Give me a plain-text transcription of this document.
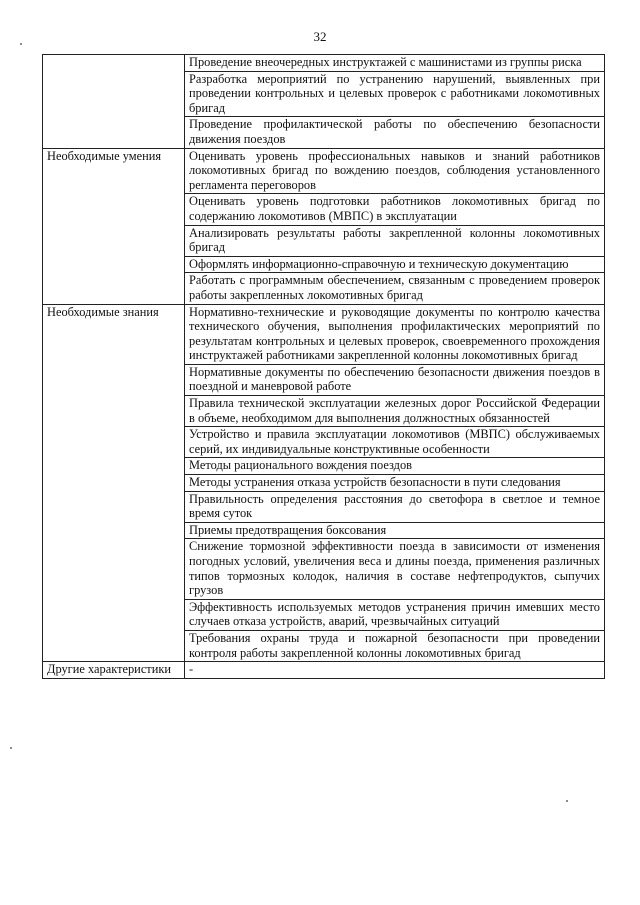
32
	Проведение внеочередных инструктажей с машинистами из группы риска
	Разработка мероприятий по устранению нарушений, выявленных при проведении контрольных и целевых проверок с работниками локомотивных бригад
	Проведение профилактической работы по обеспечению безопасности движения поездов
Необходимые умения	Оценивать уровень профессиональных навыков и знаний работников локомотивных бригад по вождению поездов, соблюдения установленного регламента переговоров
	Оценивать уровень подготовки работников локомотивных бригад по содержанию локомотивов (МВПС) в эксплуатации
	Анализировать результаты работы закрепленной колонны локомотивных бригад
	Оформлять информационно-справочную и техническую документацию
	Работать с программным обеспечением, связанным с проведением проверок работы закрепленных локомотивных бригад
Необходимые знания	Нормативно-технические и руководящие документы по контролю качества технического обучения, выполнения профилактических мероприятий по результатам контрольных и целевых проверок, своевременного прохождения инструктажей работниками закрепленной колонны локомотивных бригад
	Нормативные документы по обеспечению безопасности движения поездов в поездной и маневровой работе
	Правила технической эксплуатации железных дорог Российской Федерации в объеме, необходимом для выполнения должностных обязанностей
	Устройство и правила эксплуатации локомотивов (МВПС) обслуживаемых серий, их индивидуальные конструктивные особенности
	Методы рационального вождения поездов
	Методы устранения отказа устройств безопасности в пути следования
	Правильность определения расстояния до светофора в светлое и темное время суток
	Приемы предотвращения боксования
	Снижение тормозной эффективности поезда в зависимости от изменения погодных условий, увеличения веса и длины поезда, применения различных типов тормозных колодок, наличия в составе нефтепродуктов, сыпучих грузов
	Эффективность используемых методов устранения причин имевших место случаев отказа устройств, аварий, чрезвычайных ситуаций
	Требования охраны труда и пожарной безопасности при проведении контроля работы закрепленной колонны локомотивных бригад
Другие характеристики	-
